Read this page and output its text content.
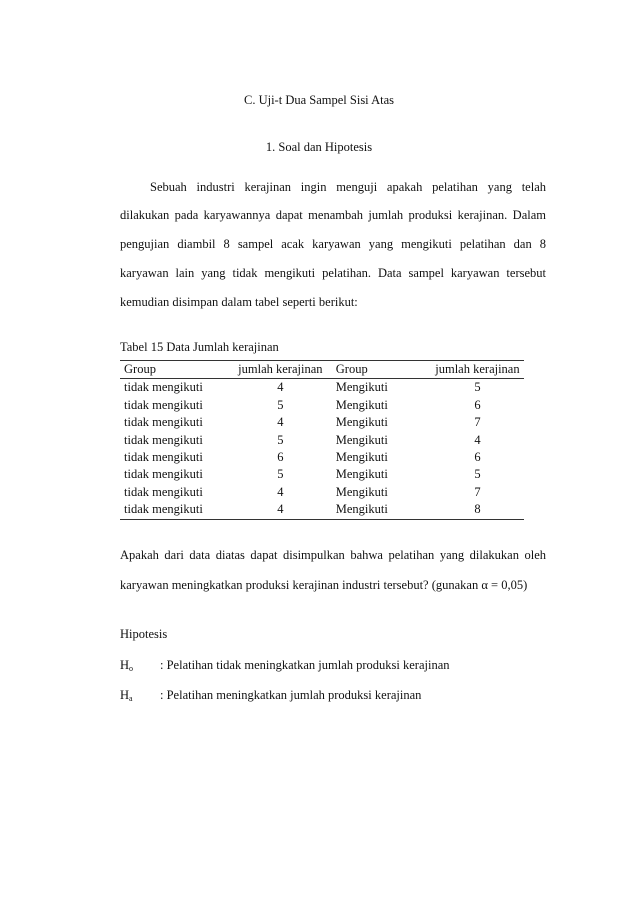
C. Uji-t Dua Sampel Sisi Atas
1. Soal dan Hipotesis
Sebuah industri kerajinan ingin menguji apakah pelatihan yang telah
dilakukan pada karyawannya dapat menambah jumlah produksi kerajinan. Dalam
pengujian diambil 8 sampel acak karyawan yang mengikuti pelatihan dan 8
karyawan lain yang tidak mengikuti pelatihan. Data sampel karyawan tersebut
kemudian disimpan dalam tabel seperti berikut:
Tabel 15 Data Jumlah kerajinan
Group	jumlah kerajinan	Group	jumlah kerajinan
tidak mengikuti	4	Mengikuti	5
tidak mengikuti	5	Mengikuti	6
tidak mengikuti	4	Mengikuti	7
tidak mengikuti	5	Mengikuti	4
tidak mengikuti	6	Mengikuti	6
tidak mengikuti	5	Mengikuti	5
tidak mengikuti	4	Mengikuti	7
tidak mengikuti	4	Mengikuti	8
Apakah dari data diatas dapat disimpulkan bahwa pelatihan yang dilakukan oleh
karyawan meningkatkan produksi kerajinan industri tersebut? (gunakan α = 0,05)
Hipotesis
$H_o$ : Pelatihan tidak meningkatkan jumlah produksi kerajinan
$H_a$ : Pelatihan meningkatkan jumlah produksi kerajinan
